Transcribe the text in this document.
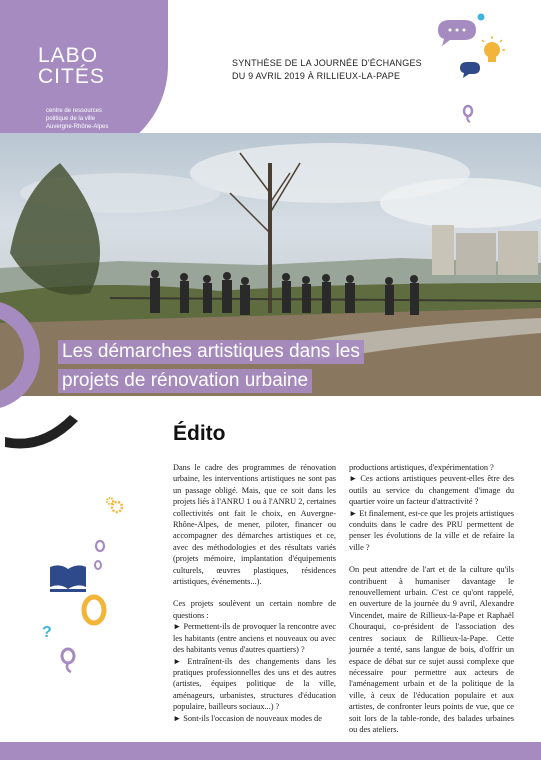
LABO
CITÉS
centre de ressources
politique de la ville
Auvergne-Rhône-Alpes
SYNTHÈSE DE LA JOURNÉE D'ÉCHANGES
DU 9 AVRIL 2019 À RILLIEUX-LA-PAPE
Les démarches artistiques dans les
projets de rénovation urbaine
?
Édito

Dans le cadre des programmes de rénovation urbaine, les interventions artistiques ne sont pas un passage obligé. Mais, que ce soit dans les projets liés à l'ANRU 1 ou à l'ANRU 2, certaines collectivités ont fait le choix, en Auvergne-Rhône-Alpes, de mener, piloter, financer ou accompagner des démarches artistiques et ce, avec des méthodologies et des résultats variés (projets mémoire, implantation d'équipements culturels, œuvres plastiques, résidences artistiques, événements...).

Ces projets soulèvent un certain nombre de questions :

► Permettent-ils de provoquer la rencontre avec les habitants (entre anciens et nouveaux ou avec des habitants venus d'autres quartiers) ?

► Entraînent-ils des changements dans les pratiques professionnelles des uns et des autres (artistes, équipes politique de la ville, aménageurs, urbanistes, structures d'éducation populaire, bailleurs sociaux...) ?

► Sont-ils l'occasion de nouveaux modes de

productions artistiques, d'expérimentation ?

► Ces actions artistiques peuvent-elles être des outils au service du changement d'image du quartier voire un facteur d'attractivité ?

► Et finalement, est-ce que les projets artistiques conduits dans le cadre des PRU permettent de penser les évolutions de la ville et de refaire la ville ?

On peut attendre de l'art et de la culture qu'ils contribuent à humaniser davantage le renouvellement urbain. C'est ce qu'ont rappelé, en ouverture de la journée du 9 avril, Alexandre Vincendet, maire de Rillieux-la-Pape et Raphaël Chouraqui, co-président de l'association des centres sociaux de Rillieux-la-Pape. Cette journée a tenté, sans langue de bois, d'offrir un espace de débat sur ce sujet aussi complexe que nécessaire pour permettre aux acteurs de l'aménagement urbain et de la politique de la ville, à ceux de l'éducation populaire et aux artistes, de confronter leurs points de vue, que ce soit lors de la table-ronde, des balades urbaines ou des ateliers.
